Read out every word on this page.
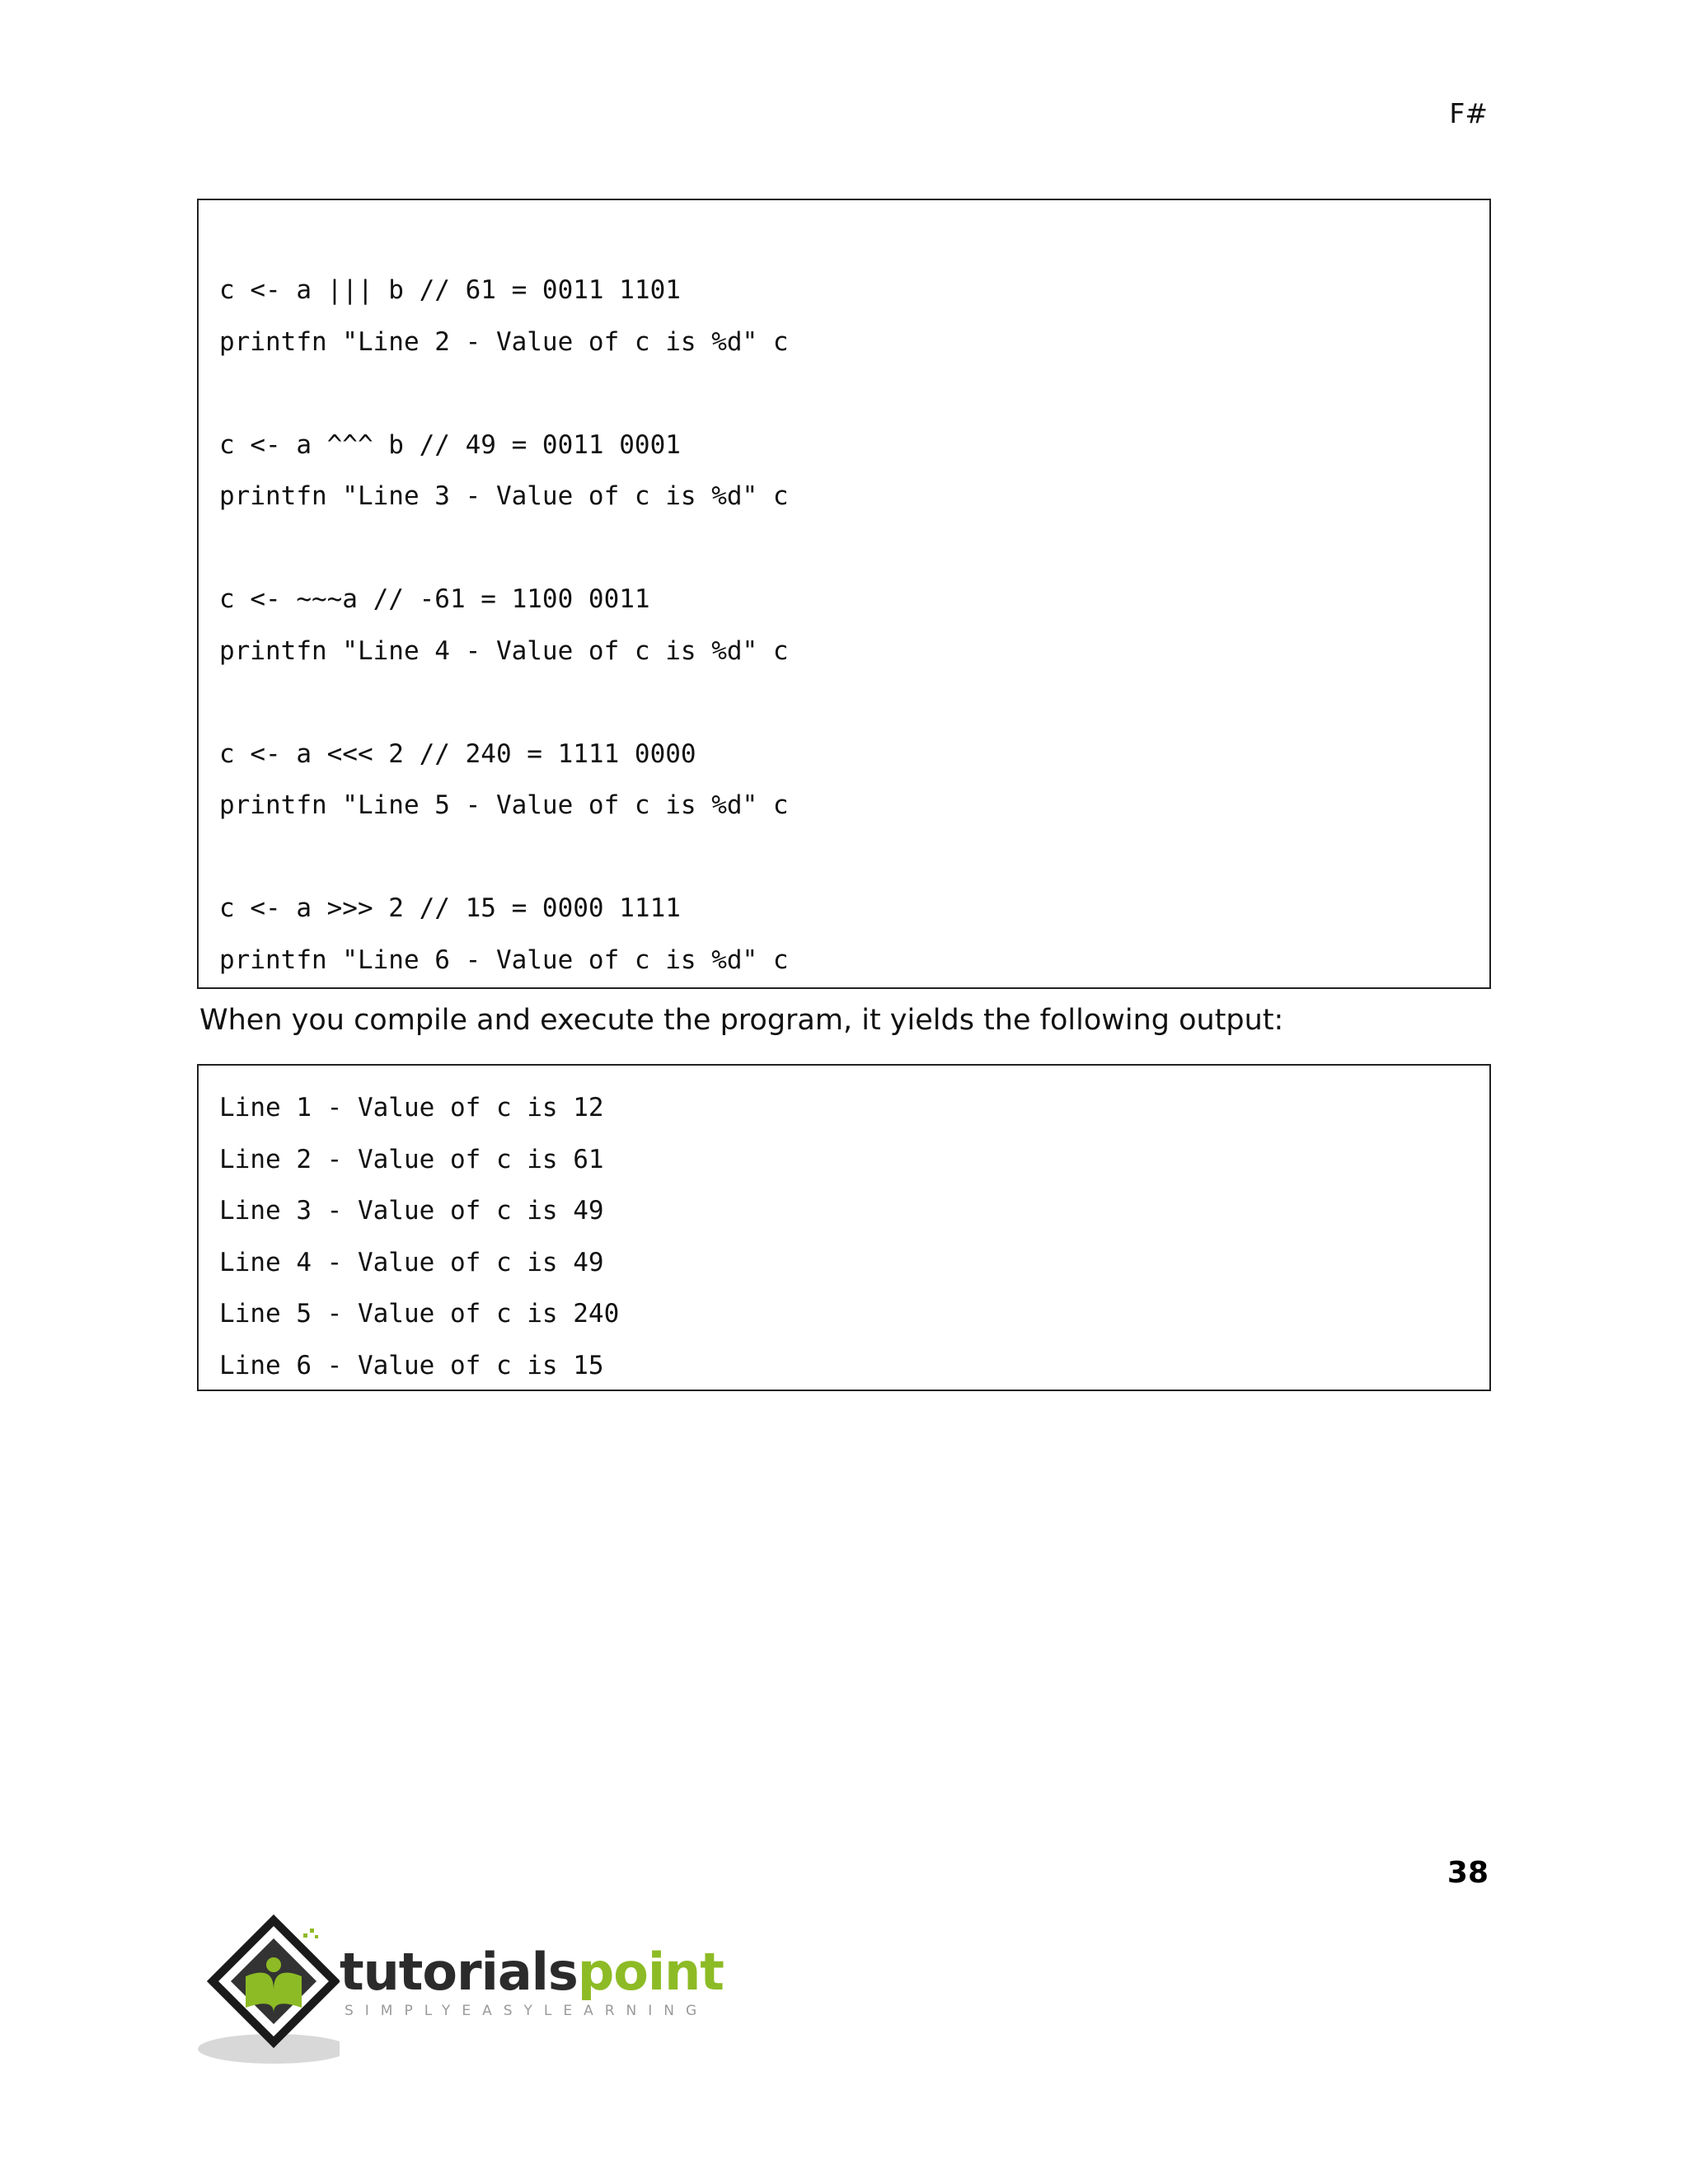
F#
c <- a ||| b // 61 = 0011 1101
printfn "Line 2 - Value of c is %d" c
c <- a ^^^ b // 49 = 0011 0001
printfn "Line 3 - Value of c is %d" c
c <- ~~~a // -61 = 1100 0011
printfn "Line 4 - Value of c is %d" c
c <- a <<< 2 // 240 = 1111 0000
printfn "Line 5 - Value of c is %d" c
c <- a >>> 2 // 15 = 0000 1111
printfn "Line 6 - Value of c is %d" c
When you compile and execute the program, it yields the following output:
Line 1 - Value of c is 12
Line 2 - Value of c is 61
Line 3 - Value of c is 49
Line 4 - Value of c is 49
Line 5 - Value of c is 240
Line 6 - Value of c is 15
38
tutorialspoint
SIMPLYEASYLEARNING
